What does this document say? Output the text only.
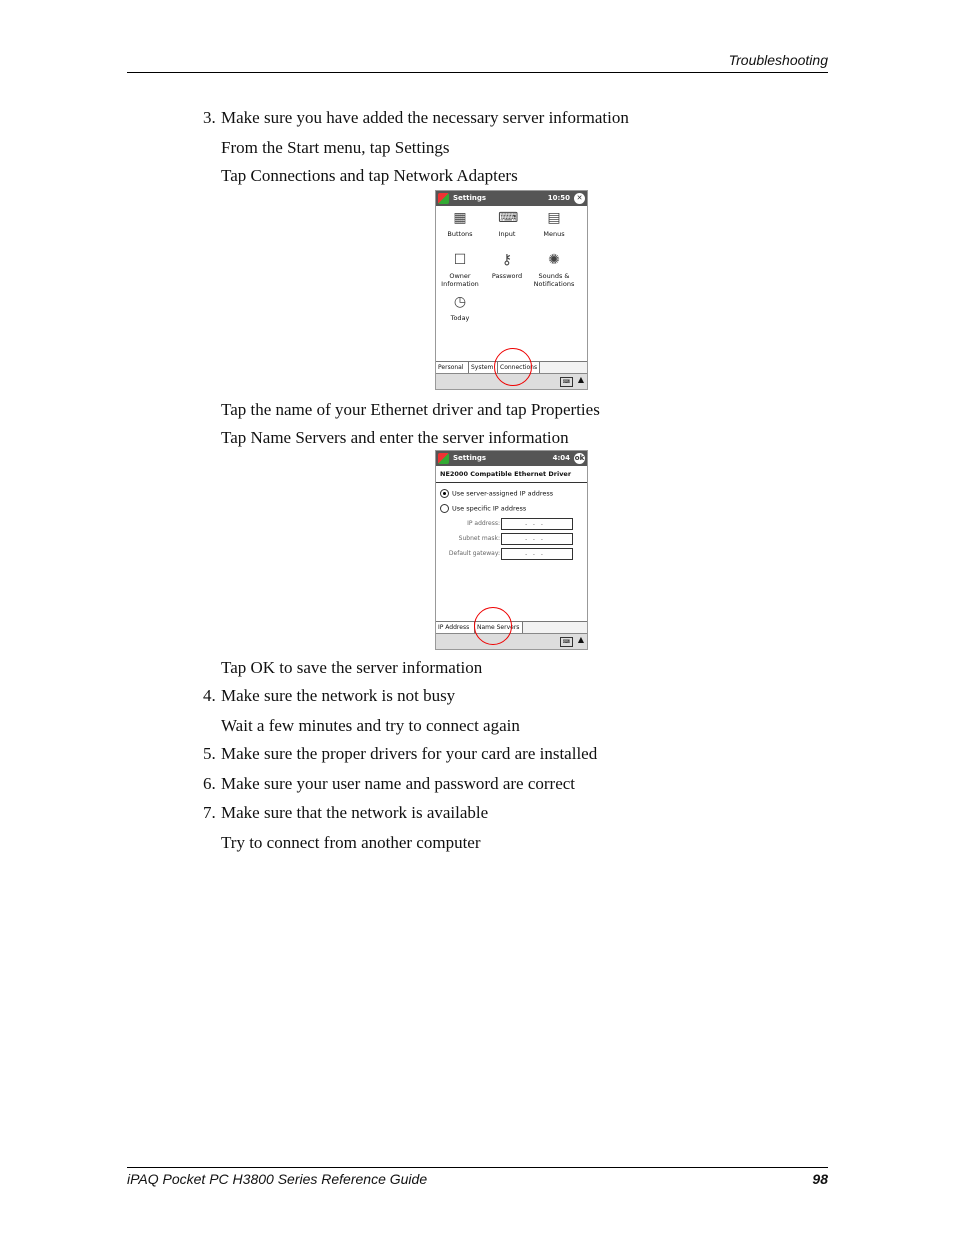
Troubleshooting
3. Make sure you have added the necessary server information
From the Start menu, tap Settings
Tap Connections and tap Network Adapters
Settings	10:50 ✕
▦
Buttons
⌨
Input
▤
Menus
☐
Owner Information
⚷
Password
✺
Sounds & Notifications
◷
Today
Personal	System	Connections
⌨ ▲
Tap the name of your Ethernet driver and tap Properties
Tap Name Servers and enter the server information
Settings	4:04 ok
NE2000 Compatible Ethernet Driver
Use server-assigned IP address
Use specific IP address
IP address:	...
Subnet mask:	...
Default gateway:	...
IP Address	Name Servers
⌨ ▲
Tap OK to save the server information
4. Make sure the network is not busy
Wait a few minutes and try to connect again
5. Make sure the proper drivers for your card are installed
6. Make sure your user name and password are correct
7. Make sure that the network is available
Try to connect from another computer
iPAQ Pocket PC H3800 Series Reference Guide	98
